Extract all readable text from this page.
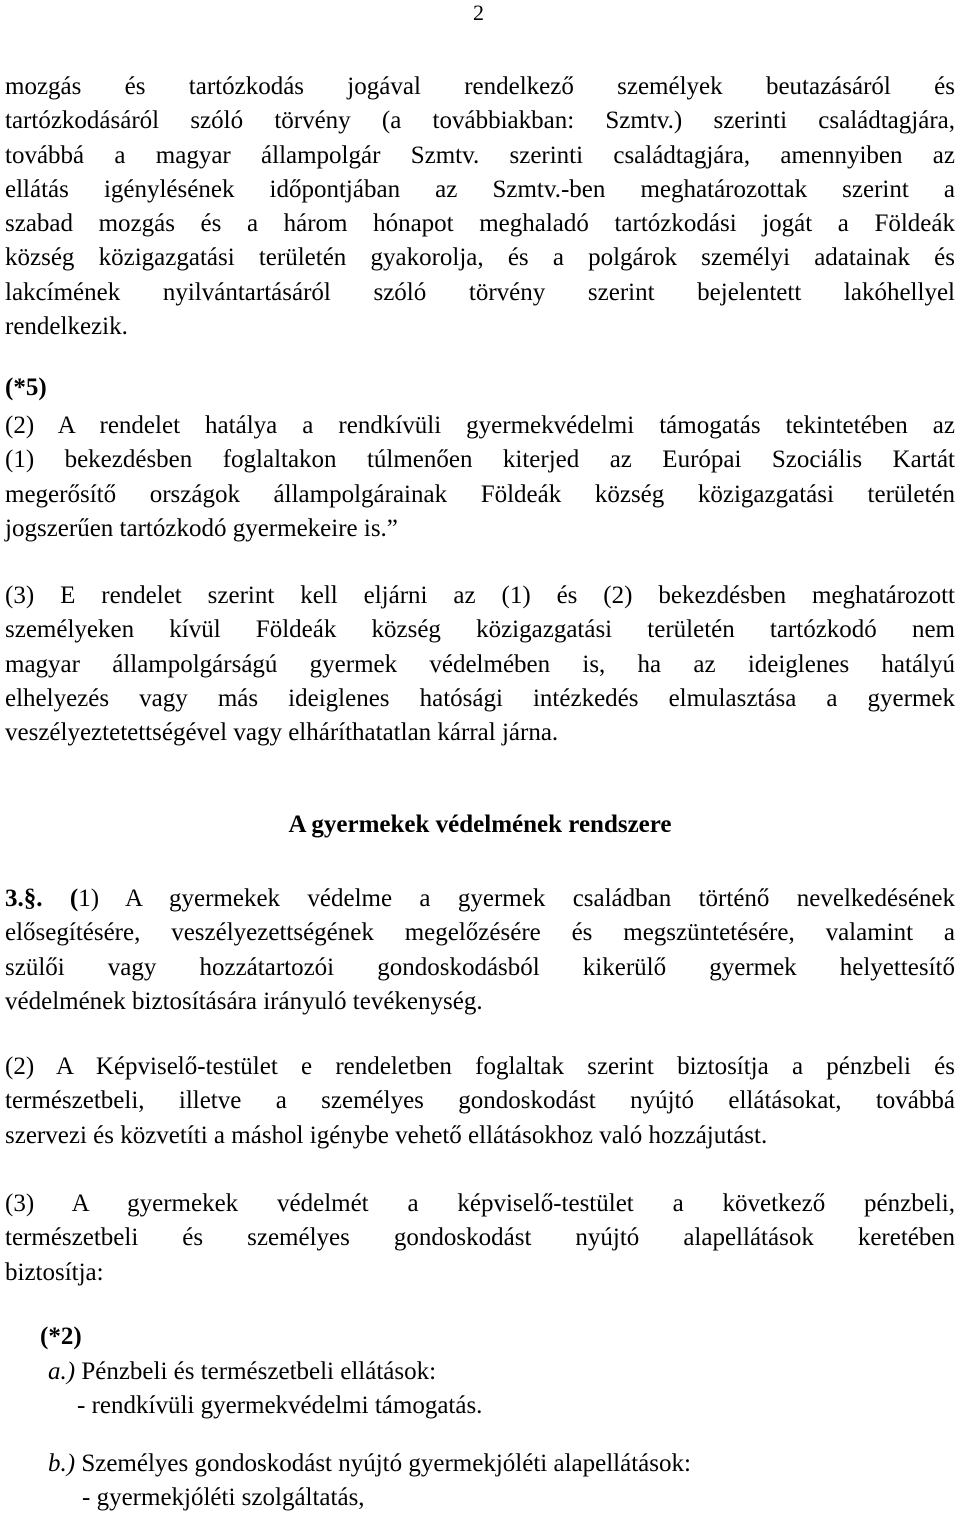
2
mozgás és tartózkodás jogával rendelkező személyek beutazásáról és
tartózkodásáról szóló törvény (a továbbiakban: Szmtv.) szerinti családtagjára,
továbbá a magyar állampolgár Szmtv. szerinti családtagjára, amennyiben az
ellátás igénylésének időpontjában az Szmtv.-ben meghatározottak szerint a
szabad mozgás és a három hónapot meghaladó tartózkodási jogát a Földeák
község közigazgatási területén gyakorolja, és a polgárok személyi adatainak és
lakcímének nyilvántartásáról szóló törvény szerint bejelentett lakóhellyel
rendelkezik.
(*5)
(2) A rendelet hatálya a rendkívüli gyermekvédelmi támogatás tekintetében az
(1) bekezdésben foglaltakon túlmenően kiterjed az Európai Szociális Kartát
megerősítő országok állampolgárainak Földeák község közigazgatási területén
jogszerűen tartózkodó gyermekeire is.”
(3) E rendelet szerint kell eljárni az (1) és (2) bekezdésben meghatározott
személyeken kívül Földeák község közigazgatási területén tartózkodó nem
magyar állampolgárságú gyermek védelmében is, ha az ideiglenes hatályú
elhelyezés vagy más ideiglenes hatósági intézkedés elmulasztása a gyermek
veszélyeztetettségével vagy elháríthatatlan kárral járna.
A gyermekek védelmének rendszere
3.§. (1) A gyermekek védelme a gyermek családban történő nevelkedésének
elősegítésére, veszélyezettségének megelőzésére és megszüntetésére, valamint a
szülői vagy hozzátartozói gondoskodásból kikerülő gyermek helyettesítő
védelmének biztosítására irányuló tevékenység.
(2) A Képviselő-testület e rendeletben foglaltak szerint biztosítja a pénzbeli és
természetbeli, illetve a személyes gondoskodást nyújtó ellátásokat, továbbá
szervezi és közvetíti a máshol igénybe vehető ellátásokhoz való hozzájutást.
(3) A gyermekek védelmét a képviselő-testület a következő pénzbeli,
természetbeli és személyes gondoskodást nyújtó alapellátások keretében
biztosítja:
(*2)
a.) Pénzbeli és természetbeli ellátások:
- rendkívüli gyermekvédelmi támogatás.
b.) Személyes gondoskodást nyújtó gyermekjóléti alapellátások:
- gyermekjóléti szolgáltatás,
